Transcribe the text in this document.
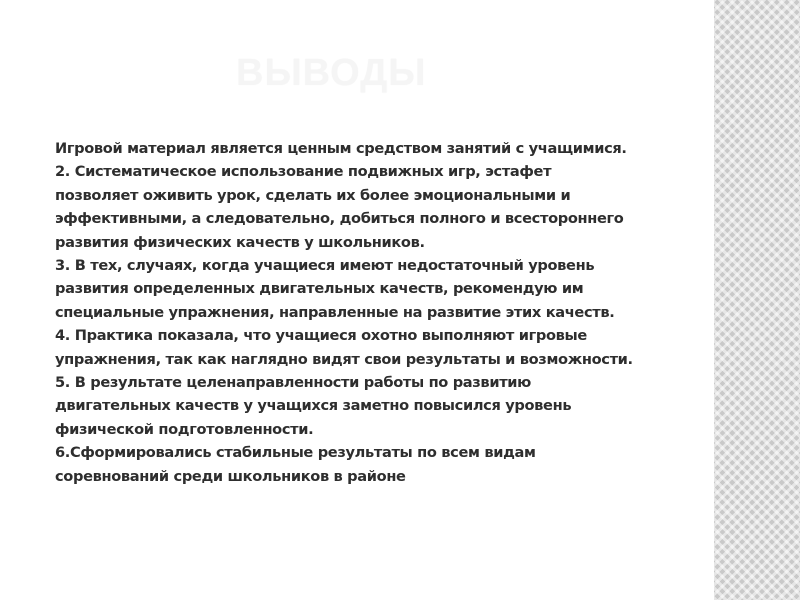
ВЫВОДЫ
Игровой материал является ценным средством занятий с учащимися.
2. Систематическое использование подвижных игр, эстафет
позволяет оживить урок, сделать их более эмоциональными и
эффективными, а следовательно, добиться полного и всестороннего
развития физических качеств у школьников.
3. В тех, случаях, когда учащиеся имеют недостаточный уровень
развития определенных двигательных качеств, рекомендую им
специальные упражнения, направленные на развитие этих качеств.
4. Практика показала, что учащиеся охотно выполняют игровые
упражнения, так как наглядно видят свои результаты и возможности.
5. В результате целенаправленности работы по развитию
двигательных качеств у учащихся заметно повысился уровень
физической подготовленности.
6.Сформировались стабильные результаты по всем видам
соревнований среди школьников в районе
